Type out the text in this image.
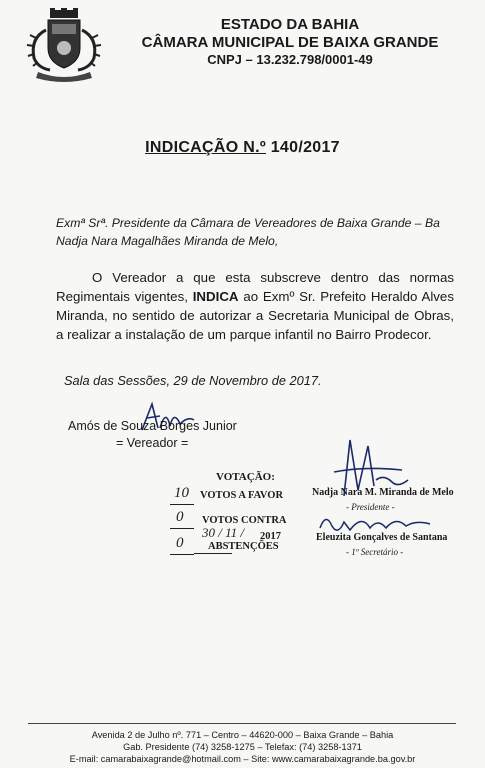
ESTADO DA BAHIA
CÂMARA MUNICIPAL DE BAIXA GRANDE
CNPJ – 13.232.798/0001-49
INDICAÇÃO N.º 140/2017
Exmª Srª. Presidente da Câmara de Vereadores de Baixa Grande – Ba
Nadja Nara Magalhães Miranda de Melo,
O Vereador a que esta subscreve dentro das normas Regimentais vigentes, INDICA ao Exmº Sr. Prefeito Heraldo Alves Miranda, no sentido de autorizar a Secretaria Municipal de Obras, a realizar a instalação de um parque infantil no Bairro Prodecor.
Sala das Sessões, 29 de Novembro de 2017.
Amós de Souza Borges Junior
= Vereador =
VOTAÇÃO:
10 VOTOS A FAVOR
0 VOTOS CONTRA
30 / 11 / 2017
0 ABSTENÇÕES
Nadja Nara M. Miranda de Melo
- Presidente -
Eleuzita Gonçalves de Santana
- 1º Secretário -
Avenida 2 de Julho nº. 771 – Centro – 44620-000 – Baixa Grande – Bahia
Gab. Presidente (74) 3258-1275 – Telefax: (74) 3258-1371
E-mail: camarabaixagrande@hotmail.com – Site: www.camarabaixagrande.ba.gov.br
